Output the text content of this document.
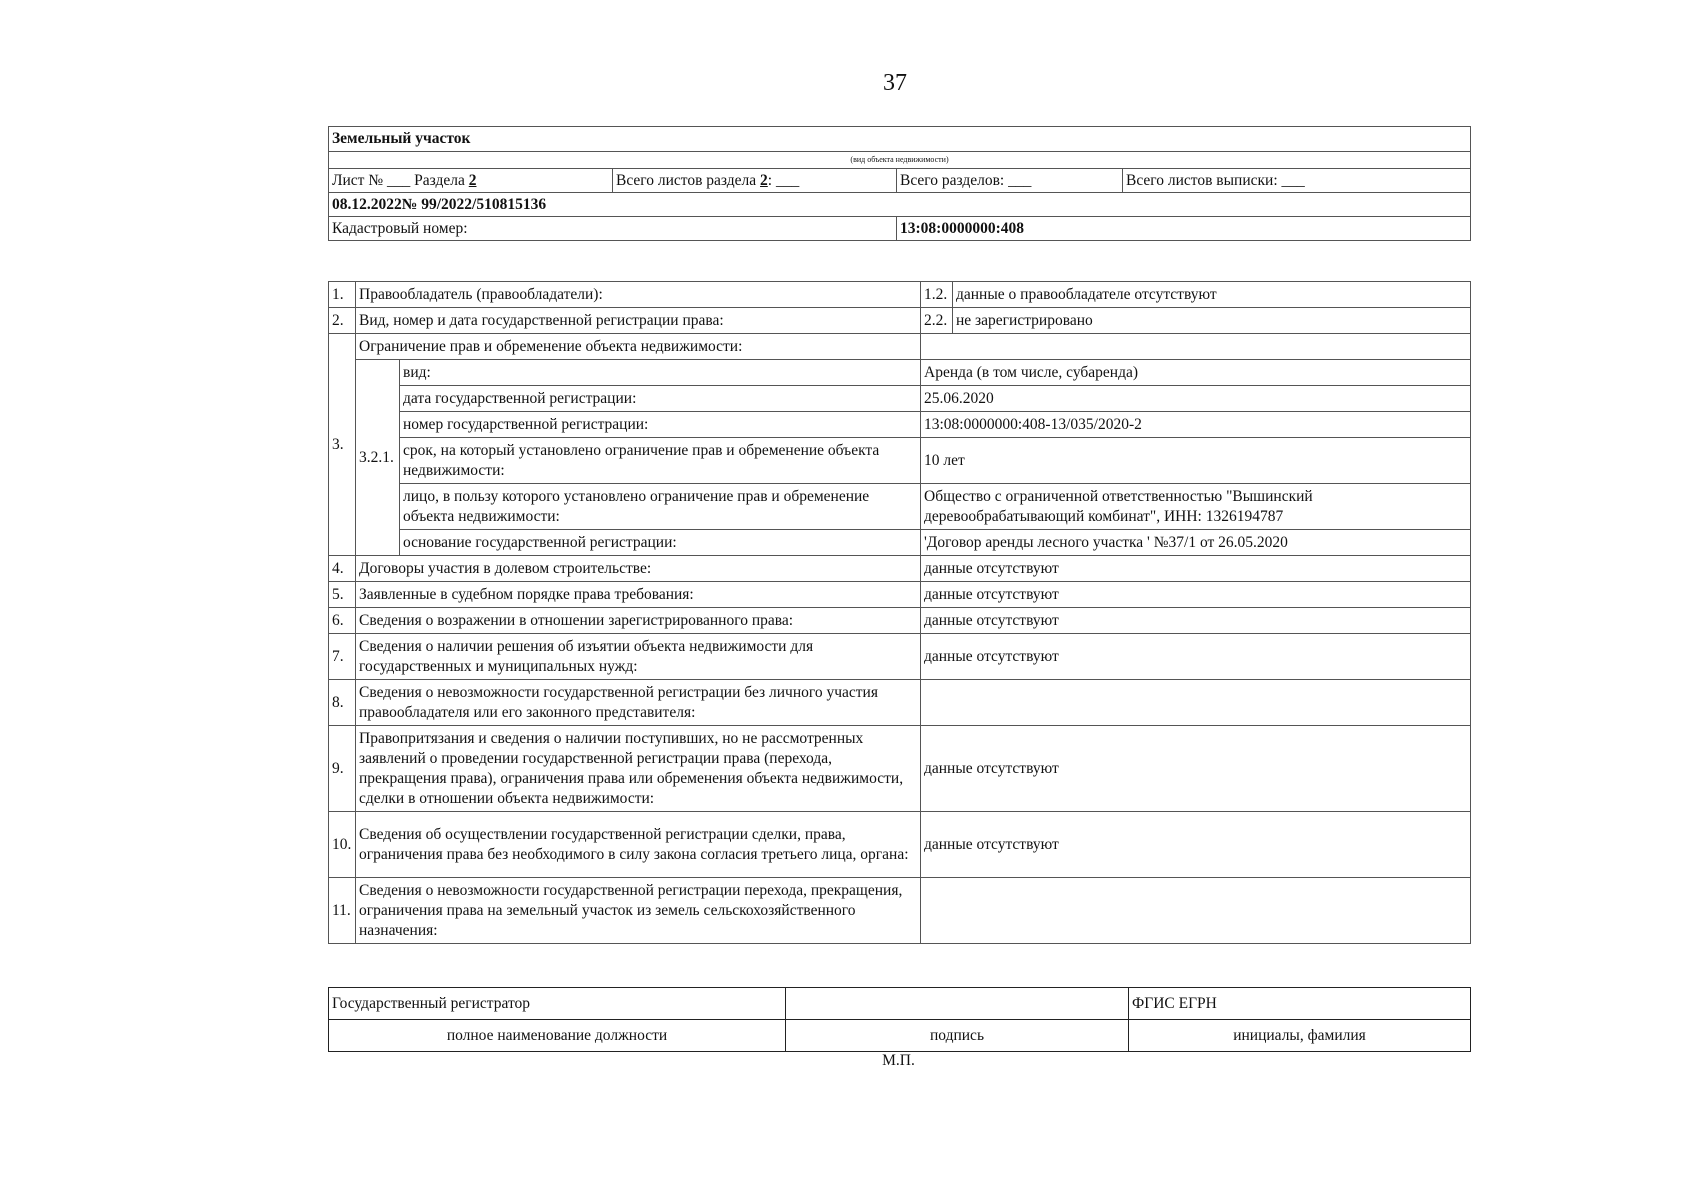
37
Земельный участок			
(вид объекта недвижимости)			
Лист № ___ Раздела 2	Всего листов раздела 2: ___	Всего разделов: ___	Всего листов выписки: ___
08.12.2022№ 99/2022/510815136			
Кадастровый номер:		13:08:0000000:408	
1.	Правообладатель (правообладатели):		1.2.	данные о правообладателе отсутствуют
2.	Вид, номер и дата государственной регистрации права:		2.2.	не зарегистрировано
3.	Ограничение прав и обременение объекта недвижимости:			
	3.2.1.	вид:	Аренда (в том числе, субаренда)	
		дата государственной регистрации:	25.06.2020	
		номер государственной регистрации:	13:08:0000000:408-13/035/2020-2	
		срок, на который установлено ограничение прав и обременение объекта недвижимости:	10 лет	
		лицо, в пользу которого установлено ограничение прав и обременение объекта недвижимости:	Общество с ограниченной ответственностью "Вышинский деревообрабатывающий комбинат", ИНН: 1326194787	
		основание государственной регистрации:	'Договор аренды лесного участка ' №37/1 от 26.05.2020	
4.	Договоры участия в долевом строительстве:		данные отсутствуют	
5.	Заявленные в судебном порядке права требования:		данные отсутствуют	
6.	Сведения о возражении в отношении зарегистрированного права:		данные отсутствуют	
7.	Сведения о наличии решения об изъятии объекта недвижимости для государственных и муниципальных нужд:		данные отсутствуют	
8.	Сведения о невозможности государственной регистрации без личного участия правообладателя или его законного представителя:			
9.	Правопритязания и сведения о наличии поступивших, но не рассмотренных заявлений о проведении государственной регистрации права (перехода, прекращения права), ограничения права или обременения объекта недвижимости, сделки в отношении объекта недвижимости:		данные отсутствуют	
10.	Сведения об осуществлении государственной регистрации сделки, права, ограничения права без необходимого в силу закона согласия третьего лица, органа:		данные отсутствуют	
11.	Сведения о невозможности государственной регистрации перехода, прекращения, ограничения права на земельный участок из земель сельскохозяйственного назначения:			
Государственный регистратор		ФГИС ЕГРН
полное наименование должности	подпись	инициалы, фамилия
М.П.
